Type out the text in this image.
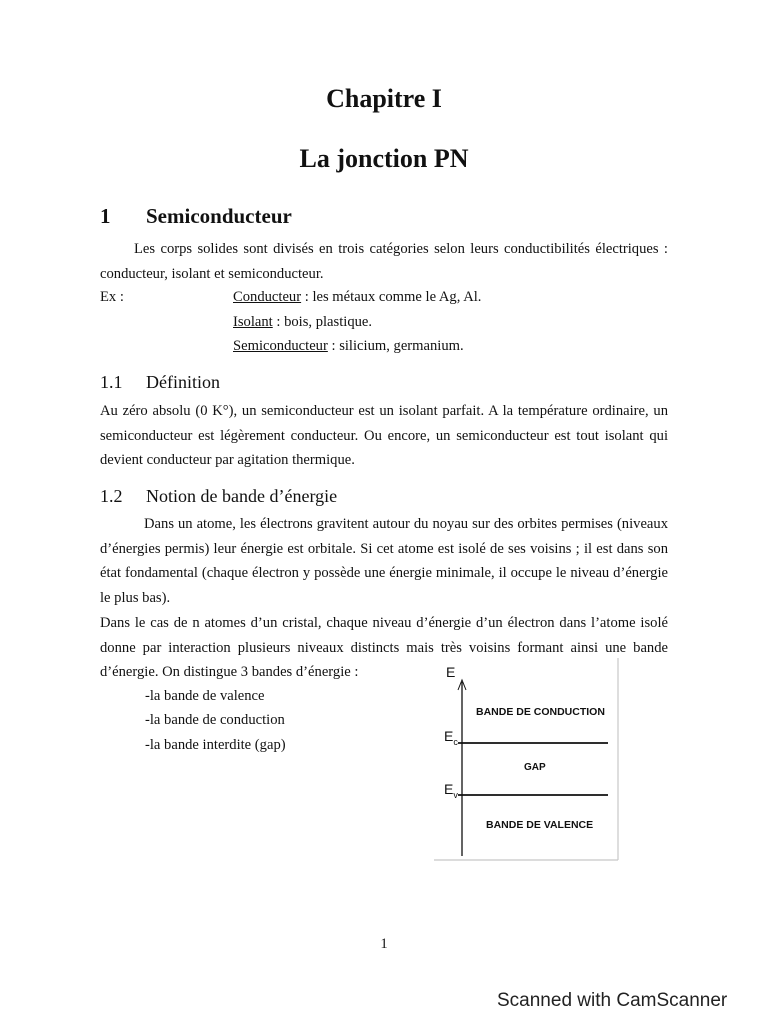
Chapitre I
La jonction PN
1 Semiconducteur
Les corps solides sont divisés en trois catégories selon leurs conductibilités électriques : conducteur, isolant et semiconducteur.
Ex :	Conducteur : les métaux comme le Ag, Al.
Isolant : bois, plastique.
Semiconducteur : silicium, germanium.
1.1 Définition
Au zéro absolu (0 K°), un semiconducteur est un isolant parfait. A la température ordinaire, un semiconducteur est légèrement conducteur. Ou encore, un semiconducteur est tout isolant qui devient conducteur par agitation thermique.
1.2 Notion de bande d’énergie
Dans un atome, les électrons gravitent autour du noyau sur des orbites permises (niveaux d’énergies permis) leur énergie est orbitale. Si cet atome est isolé de ses voisins ; il est dans son état fondamental (chaque électron y possède une énergie minimale, il occupe le niveau d’énergie le plus bas).
Dans le cas de n atomes d’un cristal, chaque niveau d’énergie d’un électron dans l’atome isolé donne par interaction plusieurs niveaux distincts mais très voisins formant ainsi une bande d’énergie. On distingue 3 bandes d’énergie :
-la bande de valence
-la bande de conduction
-la bande interdite (gap)
E
BANDE DE CONDUCTION
$E_c$
GAP
$E_v$
BANDE DE VALENCE
1
Scanned with CamScanner
